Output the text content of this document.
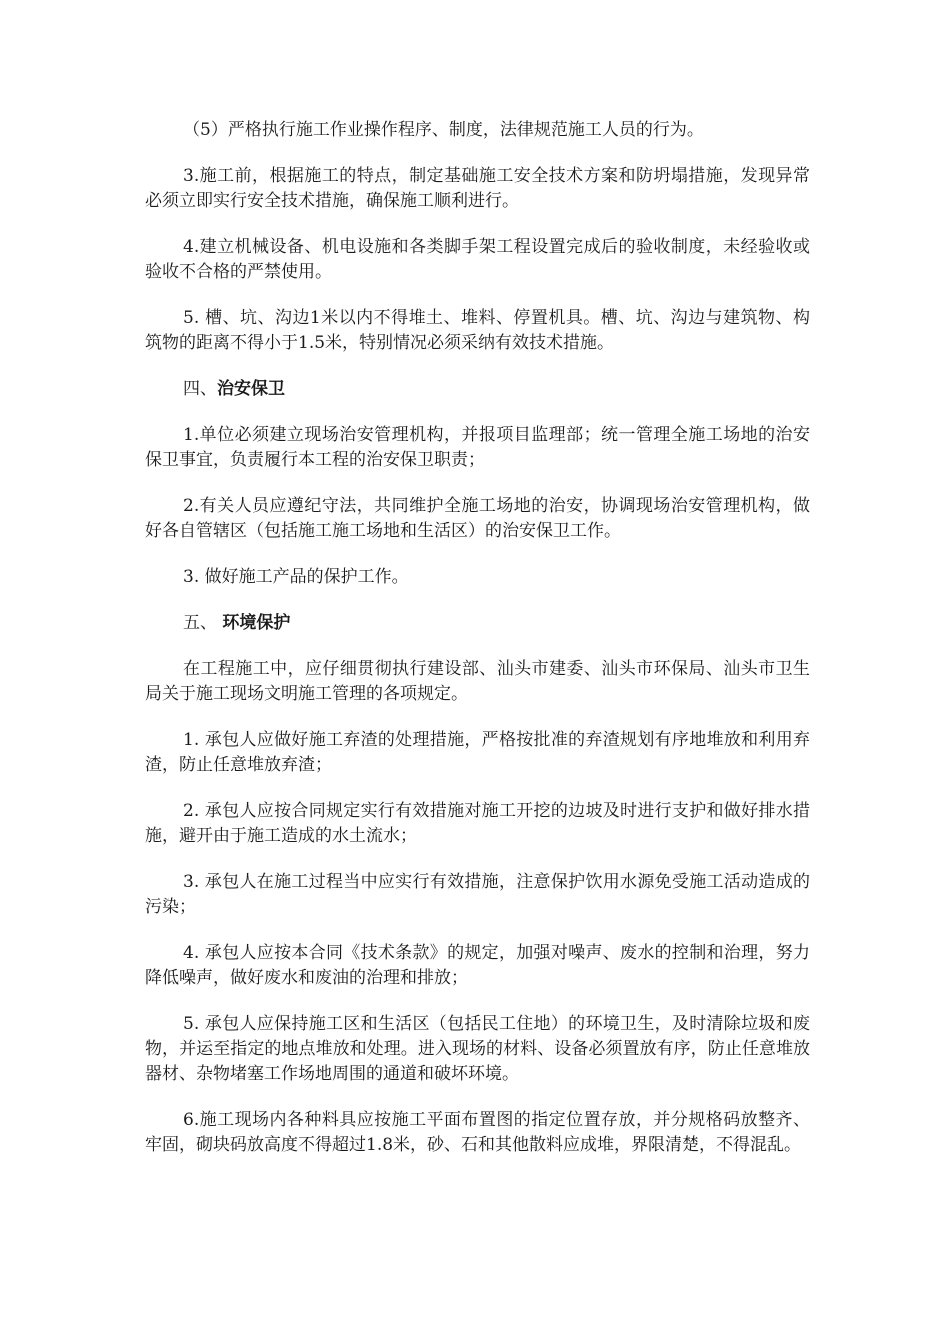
（5）严格执行施工作业操作程序、制度，法律规范施工人员的行为。

3.施工前，根据施工的特点，制定基础施工安全技术方案和防坍塌措施，发现异常必须立即实行安全技术措施，确保施工顺利进行。

4.建立机械设备、机电设施和各类脚手架工程设置完成后的验收制度，未经验收或验收不合格的严禁使用。

5. 槽、坑、沟边1米以内不得堆土、堆料、停置机具。槽、坑、沟边与建筑物、构筑物的距离不得小于1.5米，特别情况必须采纳有效技术措施。

四、治安保卫

1.单位必须建立现场治安管理机构，并报项目监理部；统一管理全施工场地的治安保卫事宜，负责履行本工程的治安保卫职责；

2.有关人员应遵纪守法，共同维护全施工场地的治安，协调现场治安管理机构，做好各自管辖区（包括施工施工场地和生活区）的治安保卫工作。

3. 做好施工产品的保护工作。

五、 环境保护

在工程施工中，应仔细贯彻执行建设部、汕头市建委、汕头市环保局、汕头市卫生局关于施工现场文明施工管理的各项规定。

1. 承包人应做好施工弃渣的处理措施，严格按批准的弃渣规划有序地堆放和利用弃渣，防止任意堆放弃渣；

2. 承包人应按合同规定实行有效措施对施工开挖的边坡及时进行支护和做好排水措施，避开由于施工造成的水土流水；

3. 承包人在施工过程当中应实行有效措施，注意保护饮用水源免受施工活动造成的污染；

4. 承包人应按本合同《技术条款》的规定，加强对噪声、废水的控制和治理，努力降低噪声，做好废水和废油的治理和排放；

5. 承包人应保持施工区和生活区（包括民工住地）的环境卫生，及时清除垃圾和废物，并运至指定的地点堆放和处理。进入现场的材料、设备必须置放有序，防止任意堆放器材、杂物堵塞工作场地周围的通道和破坏环境。

6.施工现场内各种料具应按施工平面布置图的指定位置存放，并分规格码放整齐、牢固，砌块码放高度不得超过1.8米，砂、石和其他散料应成堆，界限清楚，不得混乱。
